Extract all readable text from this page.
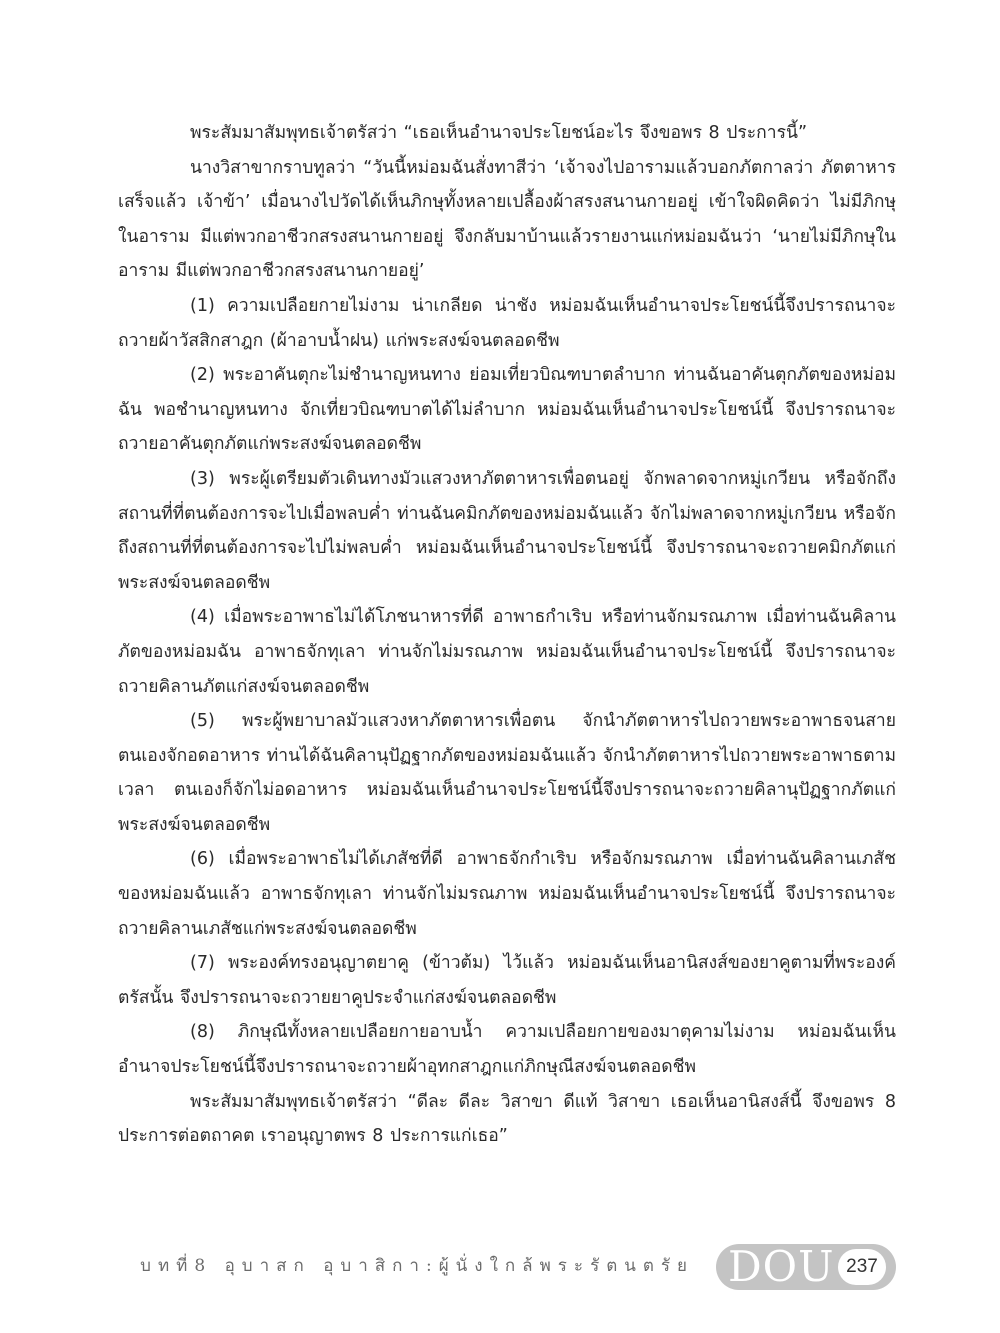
พระสัมมาสัมพุทธเจ้าตรัสว่า “เธอเห็นอำนาจประโยชน์อะไร จึงขอพร 8 ประการนี้”

นางวิสาขากราบทูลว่า “วันนี้หม่อมฉันสั่งทาสีว่า ‘เจ้าจงไปอารามแล้วบอกภัตกาลว่า ภัตตาหารเสร็จแล้ว เจ้าข้า’ เมื่อนางไปวัดได้เห็นภิกษุทั้งหลายเปลื้องผ้าสรงสนานกายอยู่ เข้าใจผิดคิดว่า ไม่มีภิกษุในอาราม มีแต่พวกอาชีวกสรงสนานกายอยู่ จึงกลับมาบ้านแล้วรายงานแก่หม่อมฉันว่า ‘นายไม่มีภิกษุในอาราม มีแต่พวกอาชีวกสรงสนานกายอยู่’

(1) ความเปลือยกายไม่งาม น่าเกลียด น่าชัง หม่อมฉันเห็นอำนาจประโยชน์นี้จึงปรารถนาจะถวายผ้าวัสสิกสาฎก (ผ้าอาบน้ำฝน) แก่พระสงฆ์จนตลอดชีพ

(2) พระอาคันตุกะไม่ชำนาญหนทาง ย่อมเที่ยวบิณฑบาตลำบาก ท่านฉันอาคันตุกภัตของหม่อมฉัน พอชำนาญหนทาง จักเที่ยวบิณฑบาตได้ไม่ลำบาก หม่อมฉันเห็นอำนาจประโยชน์นี้ จึงปรารถนาจะถวายอาคันตุกภัตแก่พระสงฆ์จนตลอดชีพ

(3) พระผู้เตรียมตัวเดินทางมัวแสวงหาภัตตาหารเพื่อตนอยู่ จักพลาดจากหมู่เกวียน หรือจักถึงสถานที่ที่ตนต้องการจะไปเมื่อพลบค่ำ ท่านฉันคมิกภัตของหม่อมฉันแล้ว จักไม่พลาดจากหมู่เกวียน หรือจักถึงสถานที่ที่ตนต้องการจะไปไม่พลบค่ำ หม่อมฉันเห็นอำนาจประโยชน์นี้ จึงปรารถนาจะถวายคมิกภัตแก่พระสงฆ์จนตลอดชีพ

(4) เมื่อพระอาพาธไม่ได้โภชนาหารที่ดี อาพาธกำเริบ หรือท่านจักมรณภาพ เมื่อท่านฉันคิลานภัตของหม่อมฉัน อาพาธจักทุเลา ท่านจักไม่มรณภาพ หม่อมฉันเห็นอำนาจประโยชน์นี้ จึงปรารถนาจะถวายคิลานภัตแก่สงฆ์จนตลอดชีพ

(5) พระผู้พยาบาลมัวแสวงหาภัตตาหารเพื่อตน จักนำภัตตาหารไปถวายพระอาพาธจนสาย ตนเองจักอดอาหาร ท่านได้ฉันคิลานุปัฏฐากภัตของหม่อมฉันแล้ว จักนำภัตตาหารไปถวายพระอาพาธตามเวลา ตนเองก็จักไม่อดอาหาร หม่อมฉันเห็นอำนาจประโยชน์นี้จึงปรารถนาจะถวายคิลานุปัฏฐากภัตแก่พระสงฆ์จนตลอดชีพ

(6) เมื่อพระอาพาธไม่ได้เภสัชที่ดี อาพาธจักกำเริบ หรือจักมรณภาพ เมื่อท่านฉันคิลานเภสัชของหม่อมฉันแล้ว อาพาธจักทุเลา ท่านจักไม่มรณภาพ หม่อมฉันเห็นอำนาจประโยชน์นี้ จึงปรารถนาจะถวายคิลานเภสัชแก่พระสงฆ์จนตลอดชีพ

(7) พระองค์ทรงอนุญาตยาคู (ข้าวต้ม) ไว้แล้ว หม่อมฉันเห็นอานิสงส์ของยาคูตามที่พระองค์ตรัสนั้น จึงปรารถนาจะถวายยาคูประจำแก่สงฆ์จนตลอดชีพ

(8) ภิกษุณีทั้งหลายเปลือยกายอาบน้ำ ความเปลือยกายของมาตุคามไม่งาม หม่อมฉันเห็นอำนาจประโยชน์นี้จึงปรารถนาจะถวายผ้าอุทกสาฎกแก่ภิกษุณีสงฆ์จนตลอดชีพ

พระสัมมาสัมพุทธเจ้าตรัสว่า “ดีละ ดีละ วิสาขา ดีแท้ วิสาขา เธอเห็นอานิสงส์นี้ จึงขอพร 8 ประการต่อตถาคต เราอนุญาตพร 8 ประการแก่เธอ”

บทที่8 อุบาสก อุบาสิกา:ผู้นั่งใกล้พระรัตนตรัย DOU 237
